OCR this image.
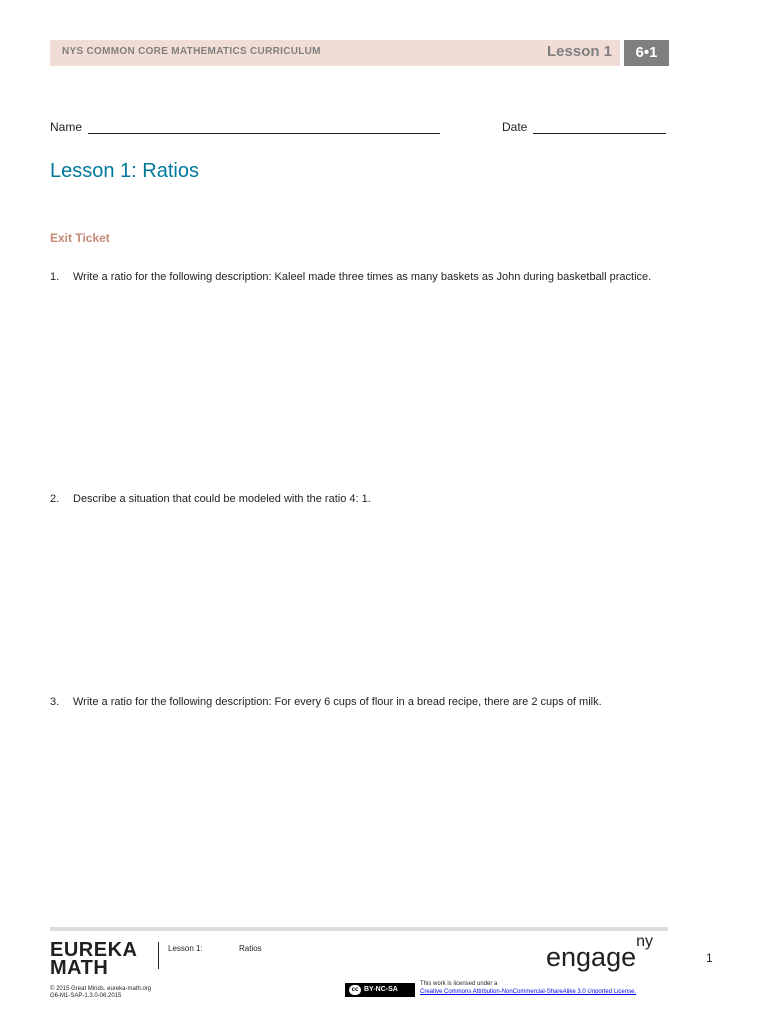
NYS COMMON CORE MATHEMATICS CURRICULUM	Lesson 1	6•1
Name	Date
Lesson 1: Ratios
Exit Ticket
1. Write a ratio for the following description: Kaleel made three times as many baskets as John during basketball practice.
2. Describe a situation that could be modeled with the ratio 4: 1.
3. Write a ratio for the following description: For every 6 cups of flour in a bread recipe, there are 2 cups of milk.
EUREKA
MATH
Lesson 1:	Ratios	engage$^{ny}$
1
© 2015 Great Minds. eureka-math.org
G6-M1-SAP-1.3.0-06.2015
cc BY-NC-SA
This work is licensed under a
Creative Commons Attribution-NonCommercial-ShareAlike 3.0 Unported License.
